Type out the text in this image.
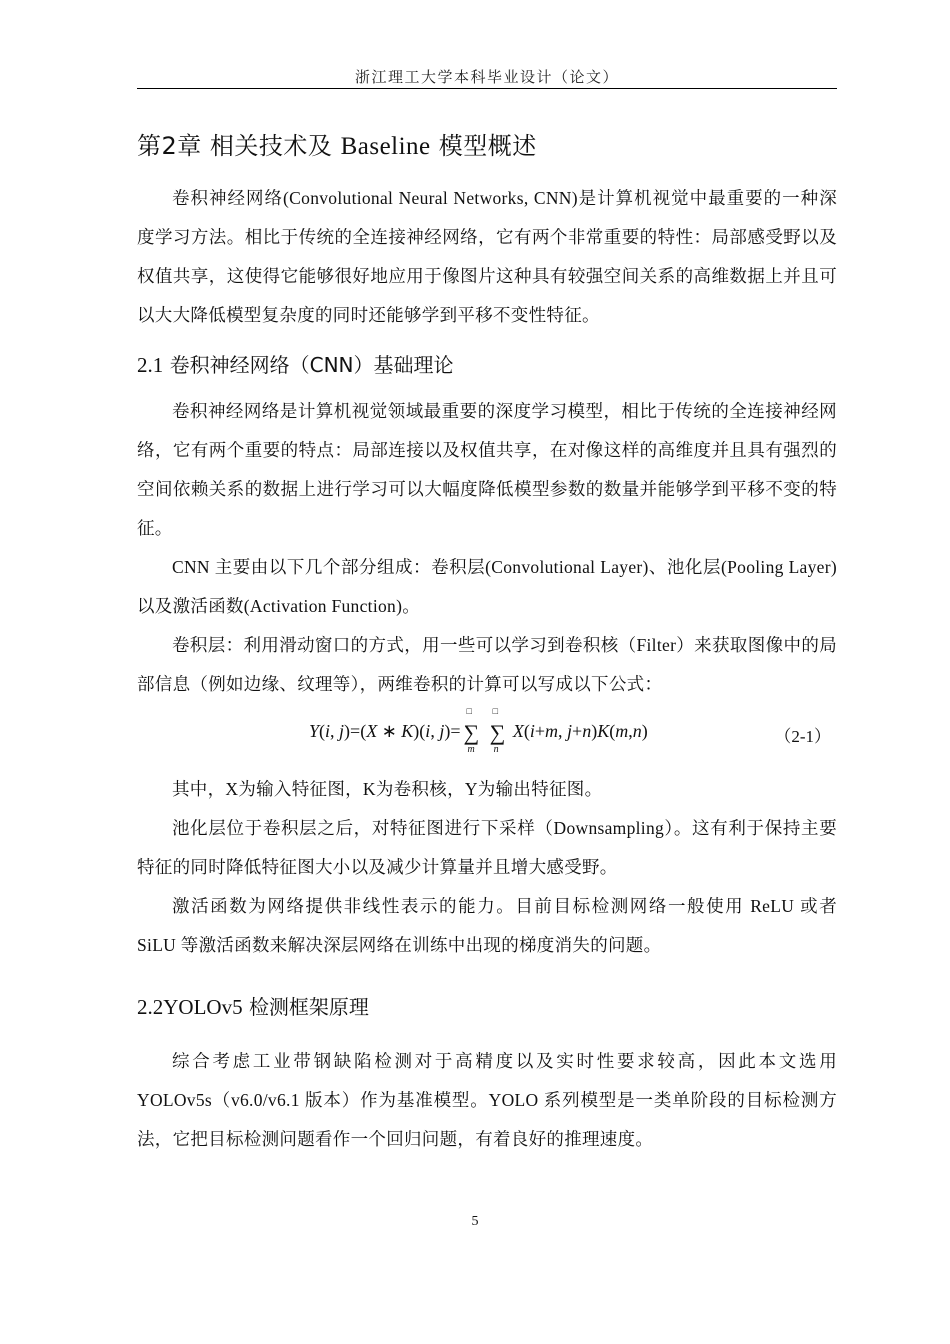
浙江理工大学本科毕业设计（论文）
第2章 相关技术及 Baseline 模型概述

卷积神经网络(Convolutional Neural Networks, CNN)是计算机视觉中最重要的一种深度学习方法。相比于传统的全连接神经网络，它有两个非常重要的特性：局部感受野以及权值共享，这使得它能够很好地应用于像图片这种具有较强空间关系的高维数据上并且可以大大降低模型复杂度的同时还能够学到平移不变性特征。

2.1 卷积神经网络（CNN）基础理论

卷积神经网络是计算机视觉领域最重要的深度学习模型，相比于传统的全连接神经网络，它有两个重要的特点：局部连接以及权值共享，在对像这样的高维度并且具有强烈的空间依赖关系的数据上进行学习可以大幅度降低模型参数的数量并能够学到平移不变的特征。

CNN 主要由以下几个部分组成：卷积层(Convolutional Layer)、池化层(Pooling Layer)以及激活函数(Activation Function)。

卷积层：利用滑动窗口的方式，用一些可以学习到卷积核（Filter）来获取图像中的局部信息（例如边缘、纹理等），两维卷积的计算可以写成以下公式：

Y(i, j)=(X ∗ K)(i, j)=
□
∑
m

□
∑
n
X(i+m, j+n)K(m,n)	（2-1）

其中，X为输入特征图，K为卷积核，Y为输出特征图。

池化层位于卷积层之后，对特征图进行下采样（Downsampling）。这有利于保持主要特征的同时降低特征图大小以及减少计算量并且增大感受野。

激活函数为网络提供非线性表示的能力。目前目标检测网络一般使用 ReLU 或者 SiLU 等激活函数来解决深层网络在训练中出现的梯度消失的问题。

2.2YOLOv5 检测框架原理

综合考虑工业带钢缺陷检测对于高精度以及实时性要求较高，因此本文选用 YOLOv5s（v6.0/v6.1 版本）作为基准模型。YOLO 系列模型是一类单阶段的目标检测方法，它把目标检测问题看作一个回归问题，有着良好的推理速度。

5
